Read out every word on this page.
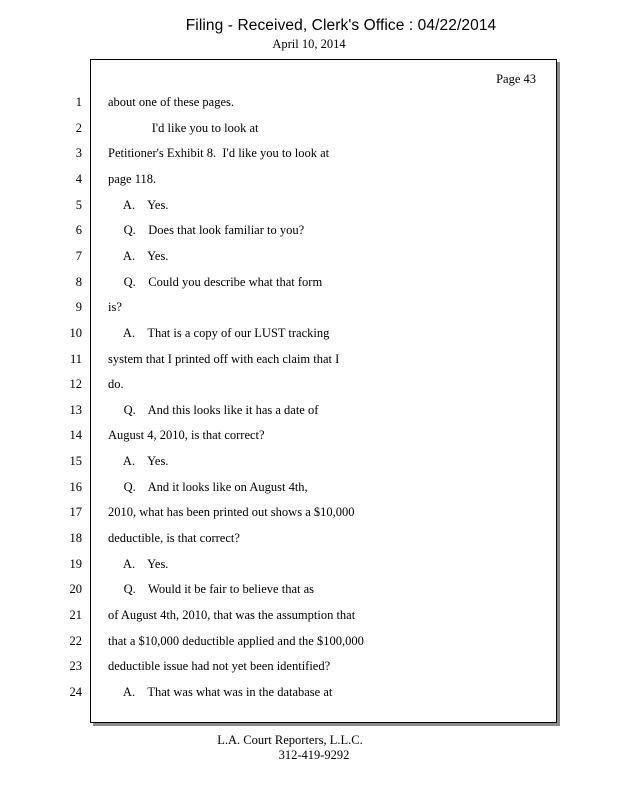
Filing - Received, Clerk's Office : 04/22/2014
April 10, 2014
Page 43
1 about one of these pages.
2 I'd like you to look at
3 Petitioner's Exhibit 8.  I'd like you to look at
4 page 118.
5 A.    Yes.
6 Q.    Does that look familiar to you?
7 A.    Yes.
8 Q.    Could you describe what that form
9 is?
10 A.    That is a copy of our LUST tracking
11 system that I printed off with each claim that I
12 do.
13 Q.    And this looks like it has a date of
14 August 4, 2010, is that correct?
15 A.    Yes.
16 Q.    And it looks like on August 4th,
17 2010, what has been printed out shows a $10,000
18 deductible, is that correct?
19 A.    Yes.
20 Q.    Would it be fair to believe that as
21 of August 4th, 2010, that was the assumption that
22 that a $10,000 deductible applied and the $100,000
23 deductible issue had not yet been identified?
24 A.    That was what was in the database at
L.A. Court Reporters, L.L.C.
312-419-9292
